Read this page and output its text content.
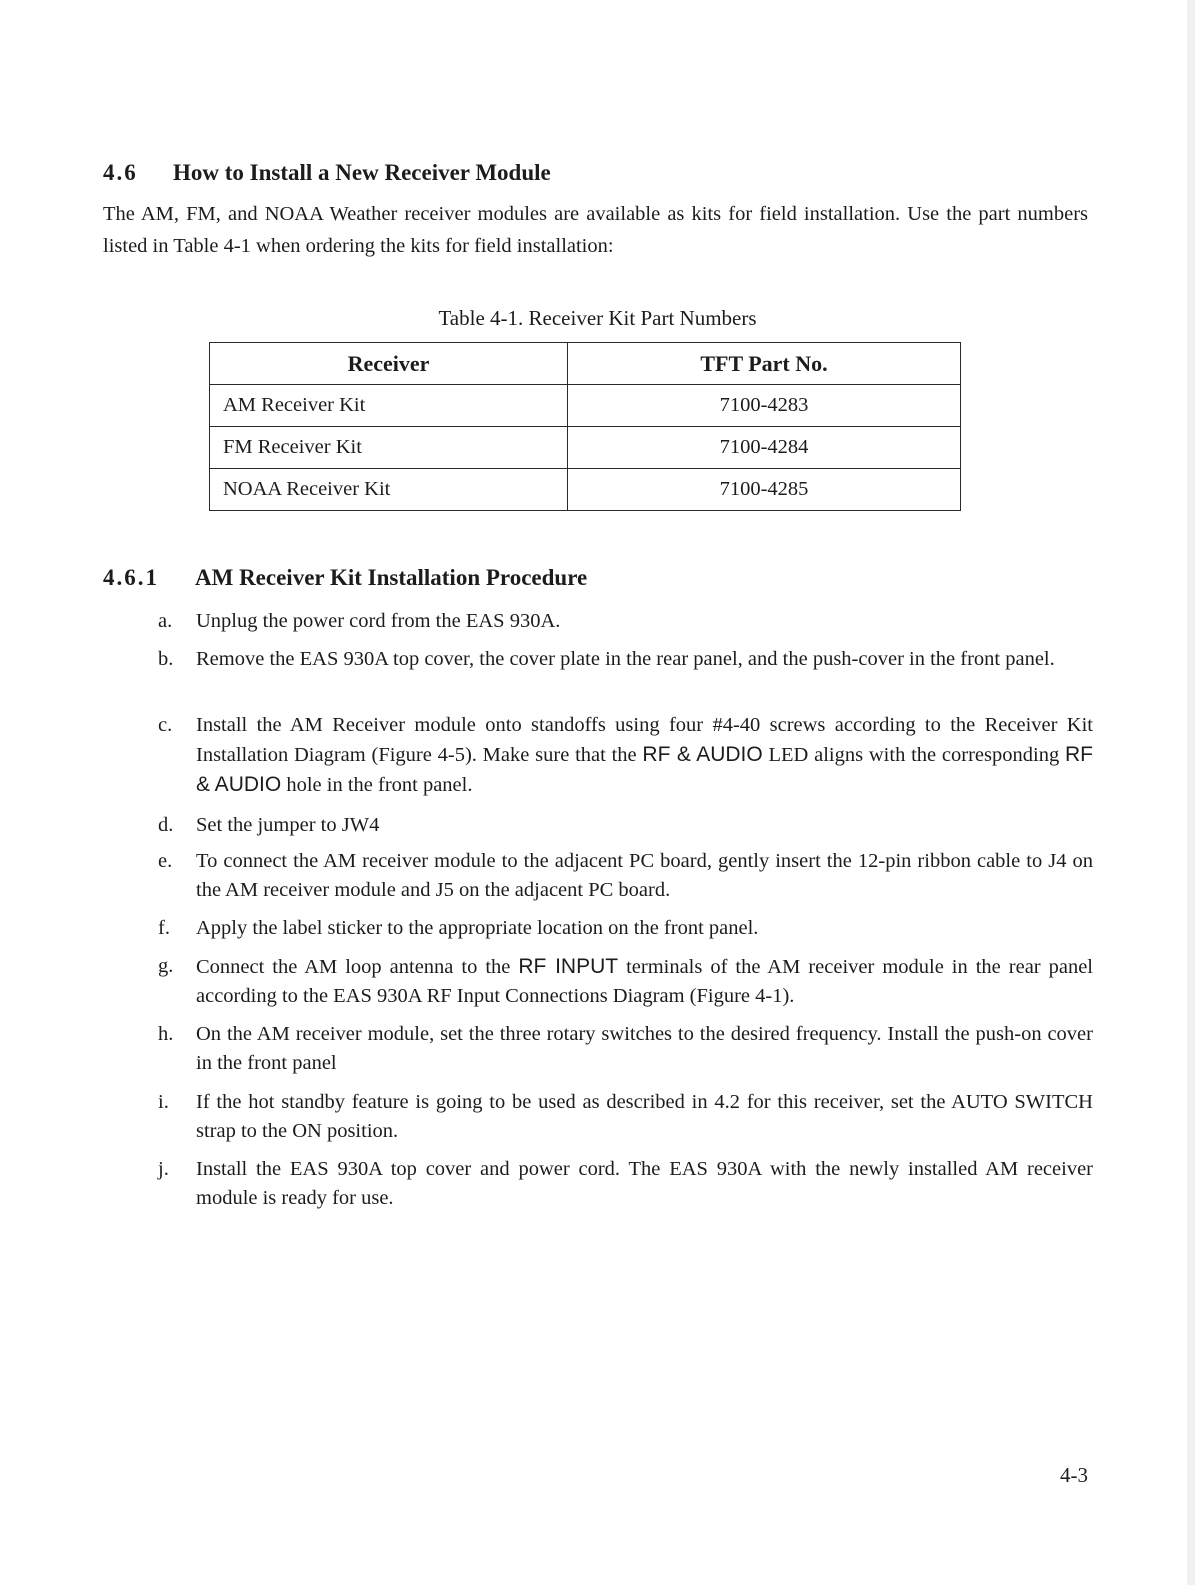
4.6 How to Install a New Receiver Module
The AM, FM, and NOAA Weather receiver modules are available as kits for field installation. Use the part numbers listed in Table 4-1 when ordering the kits for field installation:
Table 4-1. Receiver Kit Part Numbers
Receiver	TFT Part No.
AM Receiver Kit	7100-4283
FM Receiver Kit	7100-4284
NOAA Receiver Kit	7100-4285
4.6.1 AM Receiver Kit Installation Procedure
a.	Unplug the power cord from the EAS 930A.
b.	Remove the EAS 930A top cover, the cover plate in the rear panel, and the push-cover in the front panel.
c.	Install the AM Receiver module onto standoffs using four #4-40 screws according to the Receiver Kit Installation Diagram (Figure 4-5). Make sure that the RF & AUDIO LED aligns with the corresponding RF & AUDIO hole in the front panel.
d.	Set the jumper to JW4
e.	To connect the AM receiver module to the adjacent PC board, gently insert the 12-pin ribbon cable to J4 on the AM receiver module and J5 on the adjacent PC board.
f.	Apply the label sticker to the appropriate location on the front panel.
g.	Connect the AM loop antenna to the RF INPUT terminals of the AM receiver module in the rear panel according to the EAS 930A RF Input Connections Diagram (Figure 4-1).
h.	On the AM receiver module, set the three rotary switches to the desired frequency. Install the push-on cover in the front panel
i.	If the hot standby feature is going to be used as described in 4.2 for this receiver, set the AUTO SWITCH strap to the ON position.
j.	Install the EAS 930A top cover and power cord. The EAS 930A with the newly installed AM receiver module is ready for use.
4-3
